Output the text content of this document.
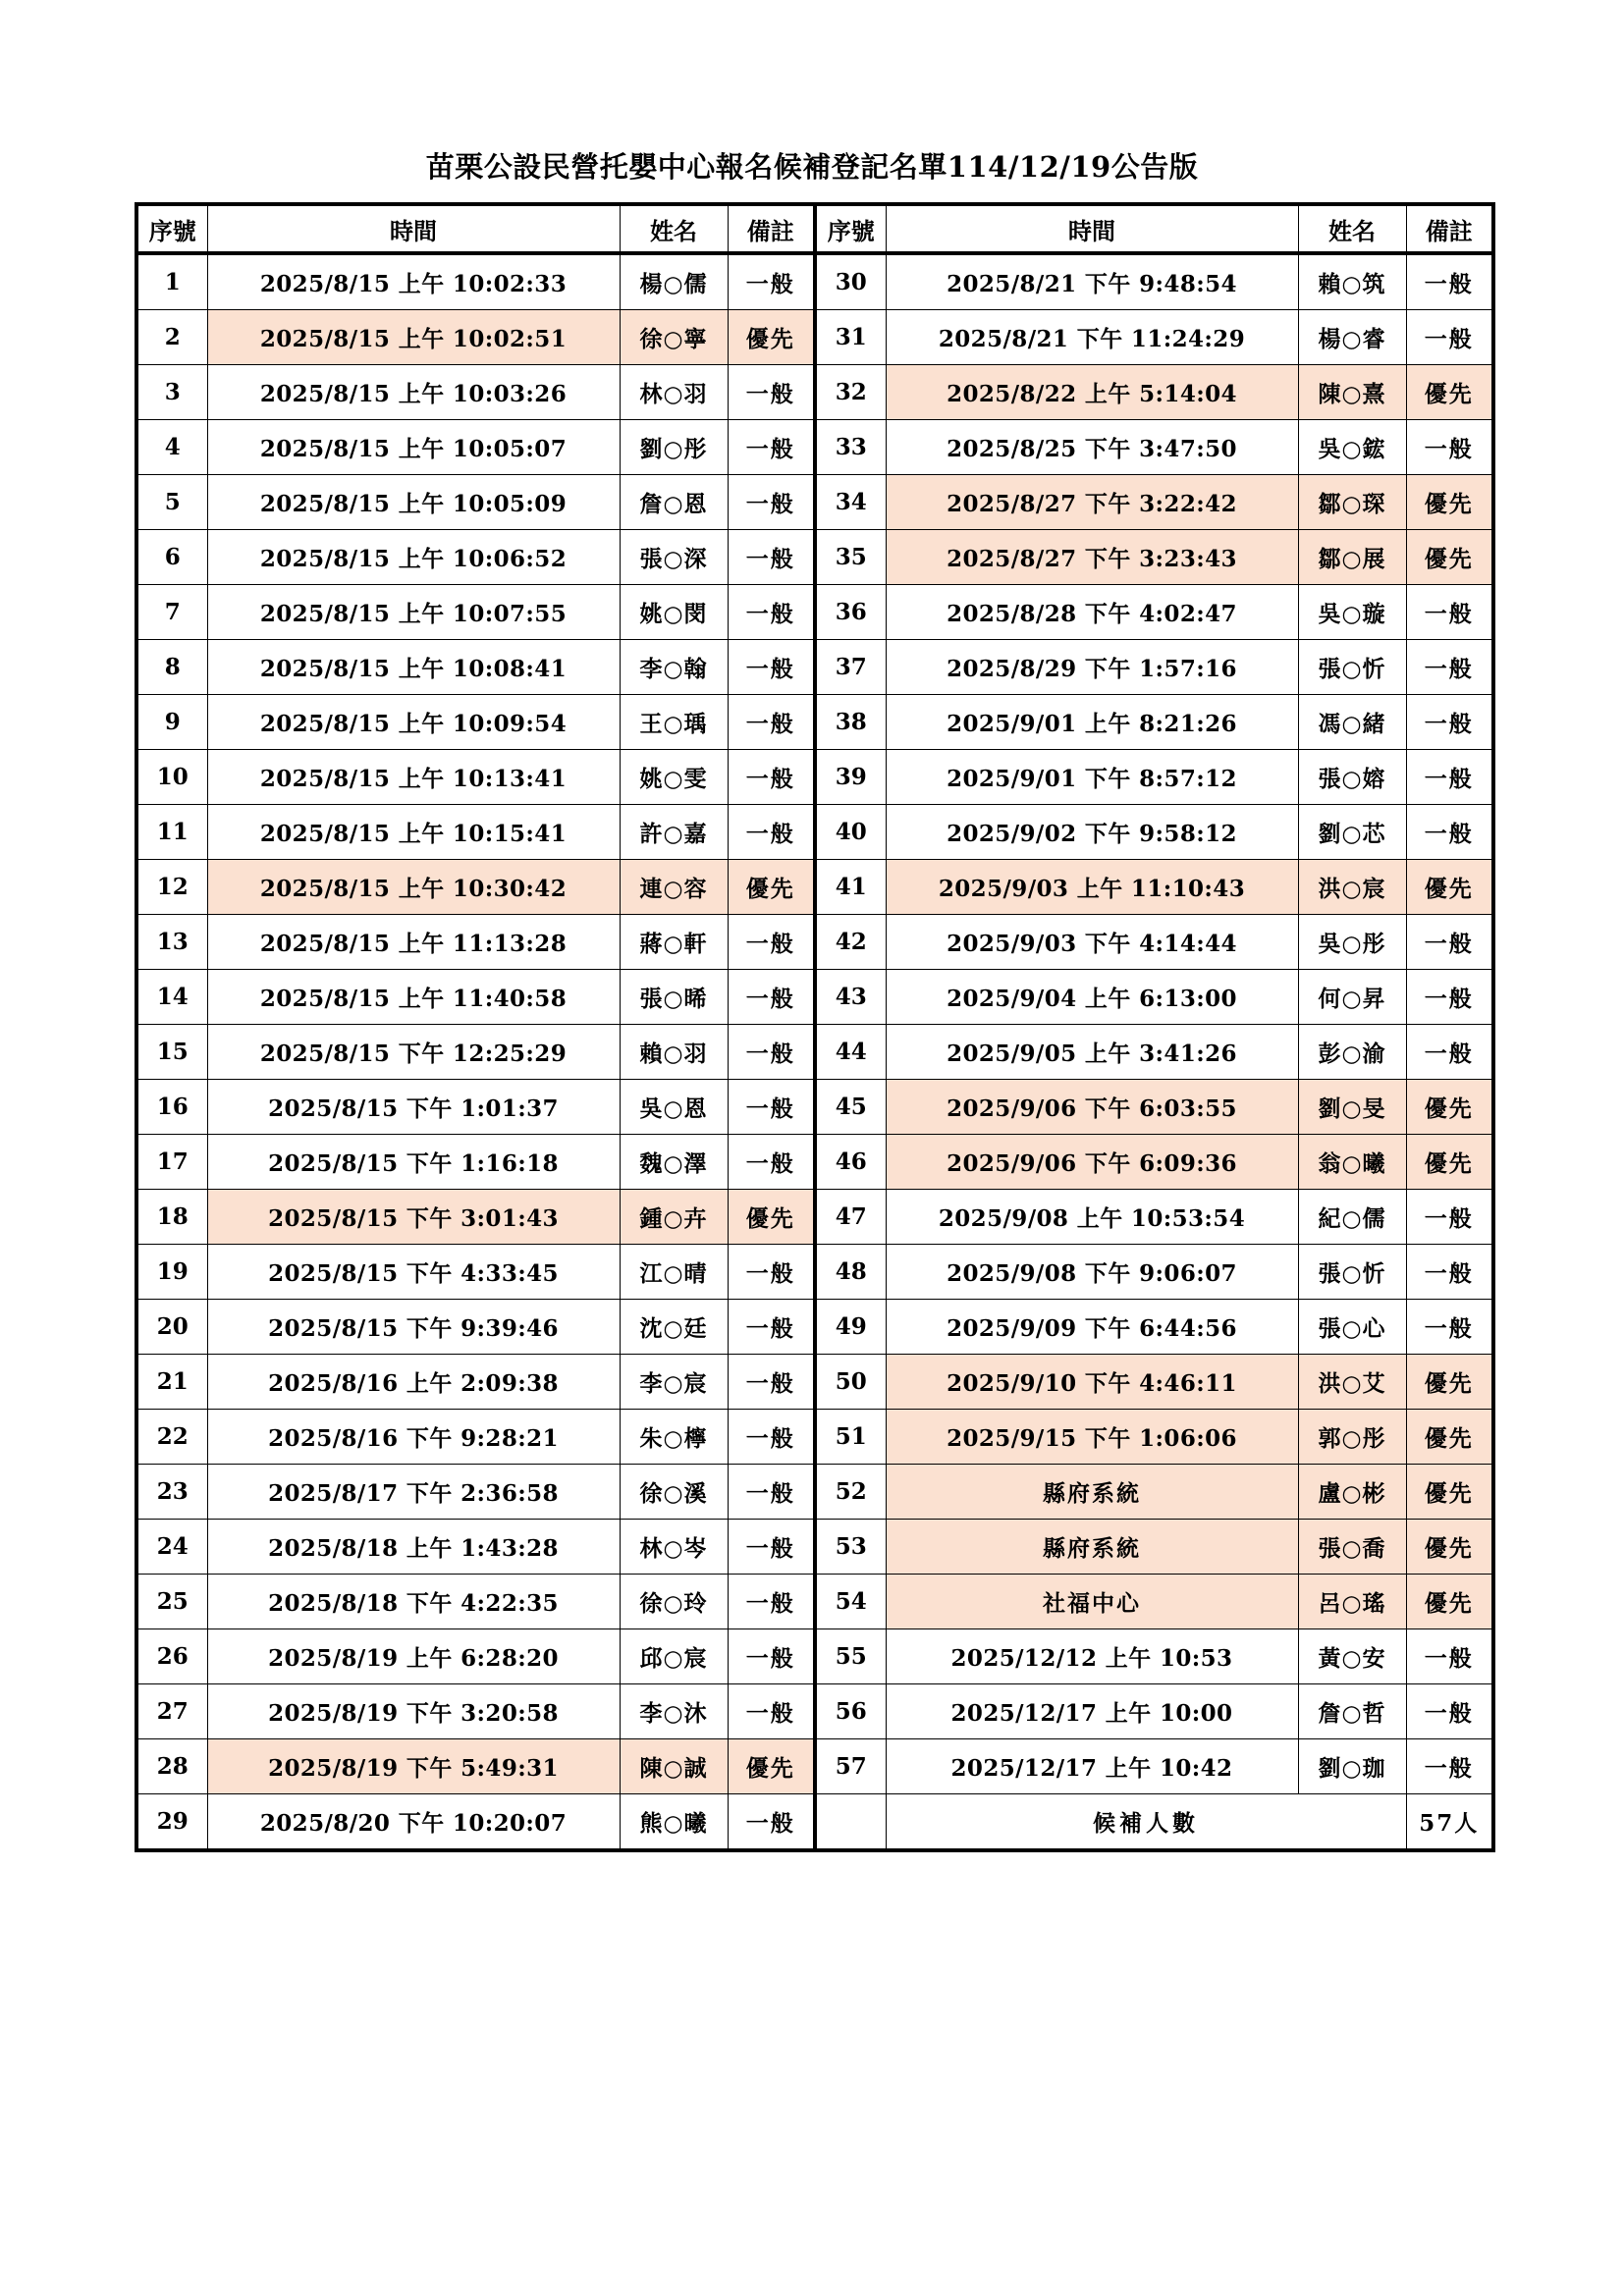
苗栗公設民營托嬰中心報名候補登記名單114/12/19公告版
序號	時間	姓名	備註	序號	時間	姓名	備註
1	2025/8/15 上午 10:02:33	楊○儒	一般	30	2025/8/21 下午 9:48:54	賴○筑	一般
2	2025/8/15 上午 10:02:51	徐○寧	優先	31	2025/8/21 下午 11:24:29	楊○睿	一般
3	2025/8/15 上午 10:03:26	林○羽	一般	32	2025/8/22 上午 5:14:04	陳○熹	優先
4	2025/8/15 上午 10:05:07	劉○彤	一般	33	2025/8/25 下午 3:47:50	吳○鋐	一般
5	2025/8/15 上午 10:05:09	詹○恩	一般	34	2025/8/27 下午 3:22:42	鄒○琛	優先
6	2025/8/15 上午 10:06:52	張○深	一般	35	2025/8/27 下午 3:23:43	鄒○展	優先
7	2025/8/15 上午 10:07:55	姚○閔	一般	36	2025/8/28 下午 4:02:47	吳○璇	一般
8	2025/8/15 上午 10:08:41	李○翰	一般	37	2025/8/29 下午 1:57:16	張○忻	一般
9	2025/8/15 上午 10:09:54	王○瑀	一般	38	2025/9/01 上午 8:21:26	馮○緒	一般
10	2025/8/15 上午 10:13:41	姚○雯	一般	39	2025/9/01 下午 8:57:12	張○嫆	一般
11	2025/8/15 上午 10:15:41	許○嘉	一般	40	2025/9/02 下午 9:58:12	劉○芯	一般
12	2025/8/15 上午 10:30:42	連○容	優先	41	2025/9/03 上午 11:10:43	洪○宸	優先
13	2025/8/15 上午 11:13:28	蔣○軒	一般	42	2025/9/03 下午 4:14:44	吳○彤	一般
14	2025/8/15 上午 11:40:58	張○晞	一般	43	2025/9/04 上午 6:13:00	何○昇	一般
15	2025/8/15 下午 12:25:29	賴○羽	一般	44	2025/9/05 上午 3:41:26	彭○渝	一般
16	2025/8/15 下午 1:01:37	吳○恩	一般	45	2025/9/06 下午 6:03:55	劉○旻	優先
17	2025/8/15 下午 1:16:18	魏○澤	一般	46	2025/9/06 下午 6:09:36	翁○曦	優先
18	2025/8/15 下午 3:01:43	鍾○卉	優先	47	2025/9/08 上午 10:53:54	紀○儒	一般
19	2025/8/15 下午 4:33:45	江○晴	一般	48	2025/9/08 下午 9:06:07	張○忻	一般
20	2025/8/15 下午 9:39:46	沈○廷	一般	49	2025/9/09 下午 6:44:56	張○心	一般
21	2025/8/16 上午 2:09:38	李○宸	一般	50	2025/9/10 下午 4:46:11	洪○艾	優先
22	2025/8/16 下午 9:28:21	朱○檸	一般	51	2025/9/15 下午 1:06:06	郭○彤	優先
23	2025/8/17 下午 2:36:58	徐○溪	一般	52	縣府系統	盧○彬	優先
24	2025/8/18 上午 1:43:28	林○岑	一般	53	縣府系統	張○喬	優先
25	2025/8/18 下午 4:22:35	徐○玲	一般	54	社福中心	呂○瑤	優先
26	2025/8/19 上午 6:28:20	邱○宸	一般	55	2025/12/12 上午 10:53	黃○安	一般
27	2025/8/19 下午 3:20:58	李○沐	一般	56	2025/12/17 上午 10:00	詹○哲	一般
28	2025/8/19 下午 5:49:31	陳○誠	優先	57	2025/12/17 上午 10:42	劉○珈	一般
29	2025/8/20 下午 10:20:07	熊○曦	一般		候補人數		57人
